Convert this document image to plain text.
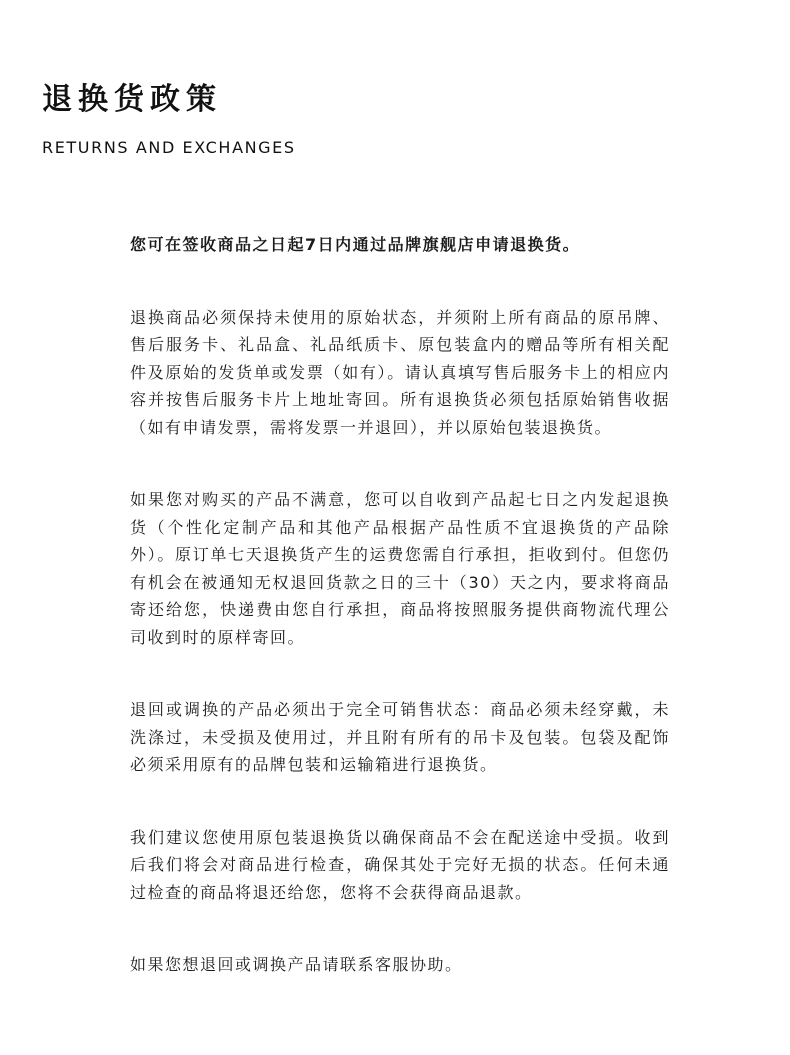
退换货政策

RETURNS AND EXCHANGES

您可在签收商品之日起7日内通过品牌旗舰店申请退换货。

退换商品必须保持未使用的原始状态，并须附上所有商品的原吊牌、售后服务卡、礼品盒、礼品纸质卡、原包装盒内的赠品等所有相关配件及原始的发货单或发票（如有）。请认真填写售后服务卡上的相应内容并按售后服务卡片上地址寄回。所有退换货必须包括原始销售收据（如有申请发票，需将发票一并退回），并以原始包装退换货。

如果您对购买的产品不满意，您可以自收到产品起七日之内发起退换货（个性化定制产品和其他产品根据产品性质不宜退换货的产品除外）。原订单七天退换货产生的运费您需自行承担，拒收到付。但您仍有机会在被通知无权退回货款之日的三十（30）天之内，要求将商品寄还给您，快递费由您自行承担，商品将按照服务提供商物流代理公司收到时的原样寄回。

退回或调换的产品必须出于完全可销售状态：商品必须未经穿戴，未洗涤过，未受损及使用过，并且附有所有的吊卡及包装。包袋及配饰必须采用原有的品牌包装和运输箱进行退换货。

我们建议您使用原包装退换货以确保商品不会在配送途中受损。收到后我们将会对商品进行检查，确保其处于完好无损的状态。任何未通过检查的商品将退还给您，您将不会获得商品退款。

如果您想退回或调换产品请联系客服协助。
